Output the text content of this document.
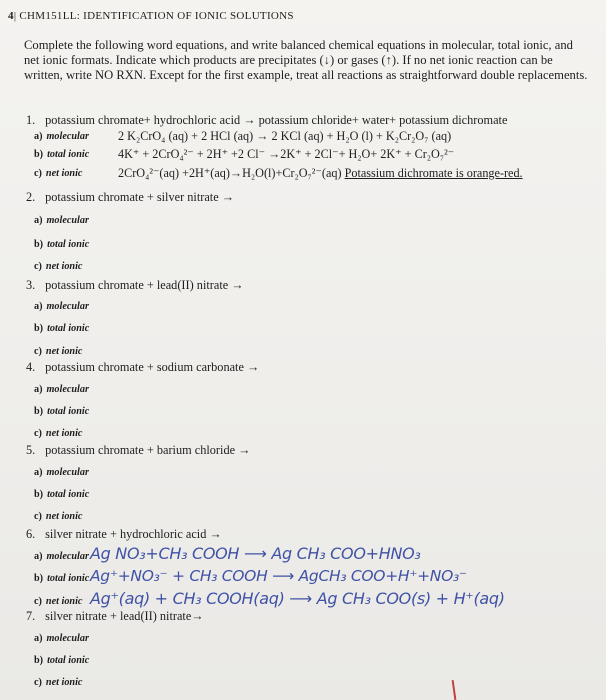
4| CHM151LL: IDENTIFICATION OF IONIC SOLUTIONS
Complete the following word equations, and write balanced chemical equations in molecular, total ionic, and net ionic formats. Indicate which products are precipitates (↓) or gases (↑). If no net ionic reaction can be written, write NO RXN. Except for the first example, treat all reactions as straightforward double replacements.
1. potassium chromate+ hydrochloric acid → potassium chloride+ water+ potassium dichromate
a) molecular 2 K₂CrO₄ (aq) + 2 HCl (aq) → 2 KCl (aq) + H₂O (l) + K₂Cr₂O₇ (aq)
b) total ionic 4K⁺ + 2CrO₄²⁻ + 2H⁺ +2 Cl⁻ →2K⁺ + 2Cl⁻+ H₂O+ 2K⁺ + Cr₂O₇²⁻
c) net ionic	2CrO₄²⁻(aq) +2H⁺(aq)→H₂O(l)+Cr₂O₇²⁻(aq) Potassium dichromate is orange-red.
2. potassium chromate + silver nitrate →
a) molecular
b) total ionic
c) net ionic
3. potassium chromate + lead(II) nitrate →
a) molecular
b) total ionic
c) net ionic
4. potassium chromate + sodium carbonate →
a) molecular
b) total ionic
c) net ionic
5. potassium chromate + barium chloride →
a) molecular
b) total ionic
c) net ionic
6. silver nitrate + hydrochloric acid →
a) molecular Ag NO₃+CH₃ COOH ⟶ Ag CH₃ COO+HNO₃
b) total ionic Ag⁺+NO₃⁻ + CH₃ COOH ⟶ AgCH₃ COO+H⁺+NO₃⁻
c) net ionic Ag⁺(aq) + CH₃ COOH(aq) ⟶ Ag CH₃ COO(s) + H⁺(aq)
7. silver nitrate + lead(II) nitrate→
a) molecular
b) total ionic
c) net ionic
